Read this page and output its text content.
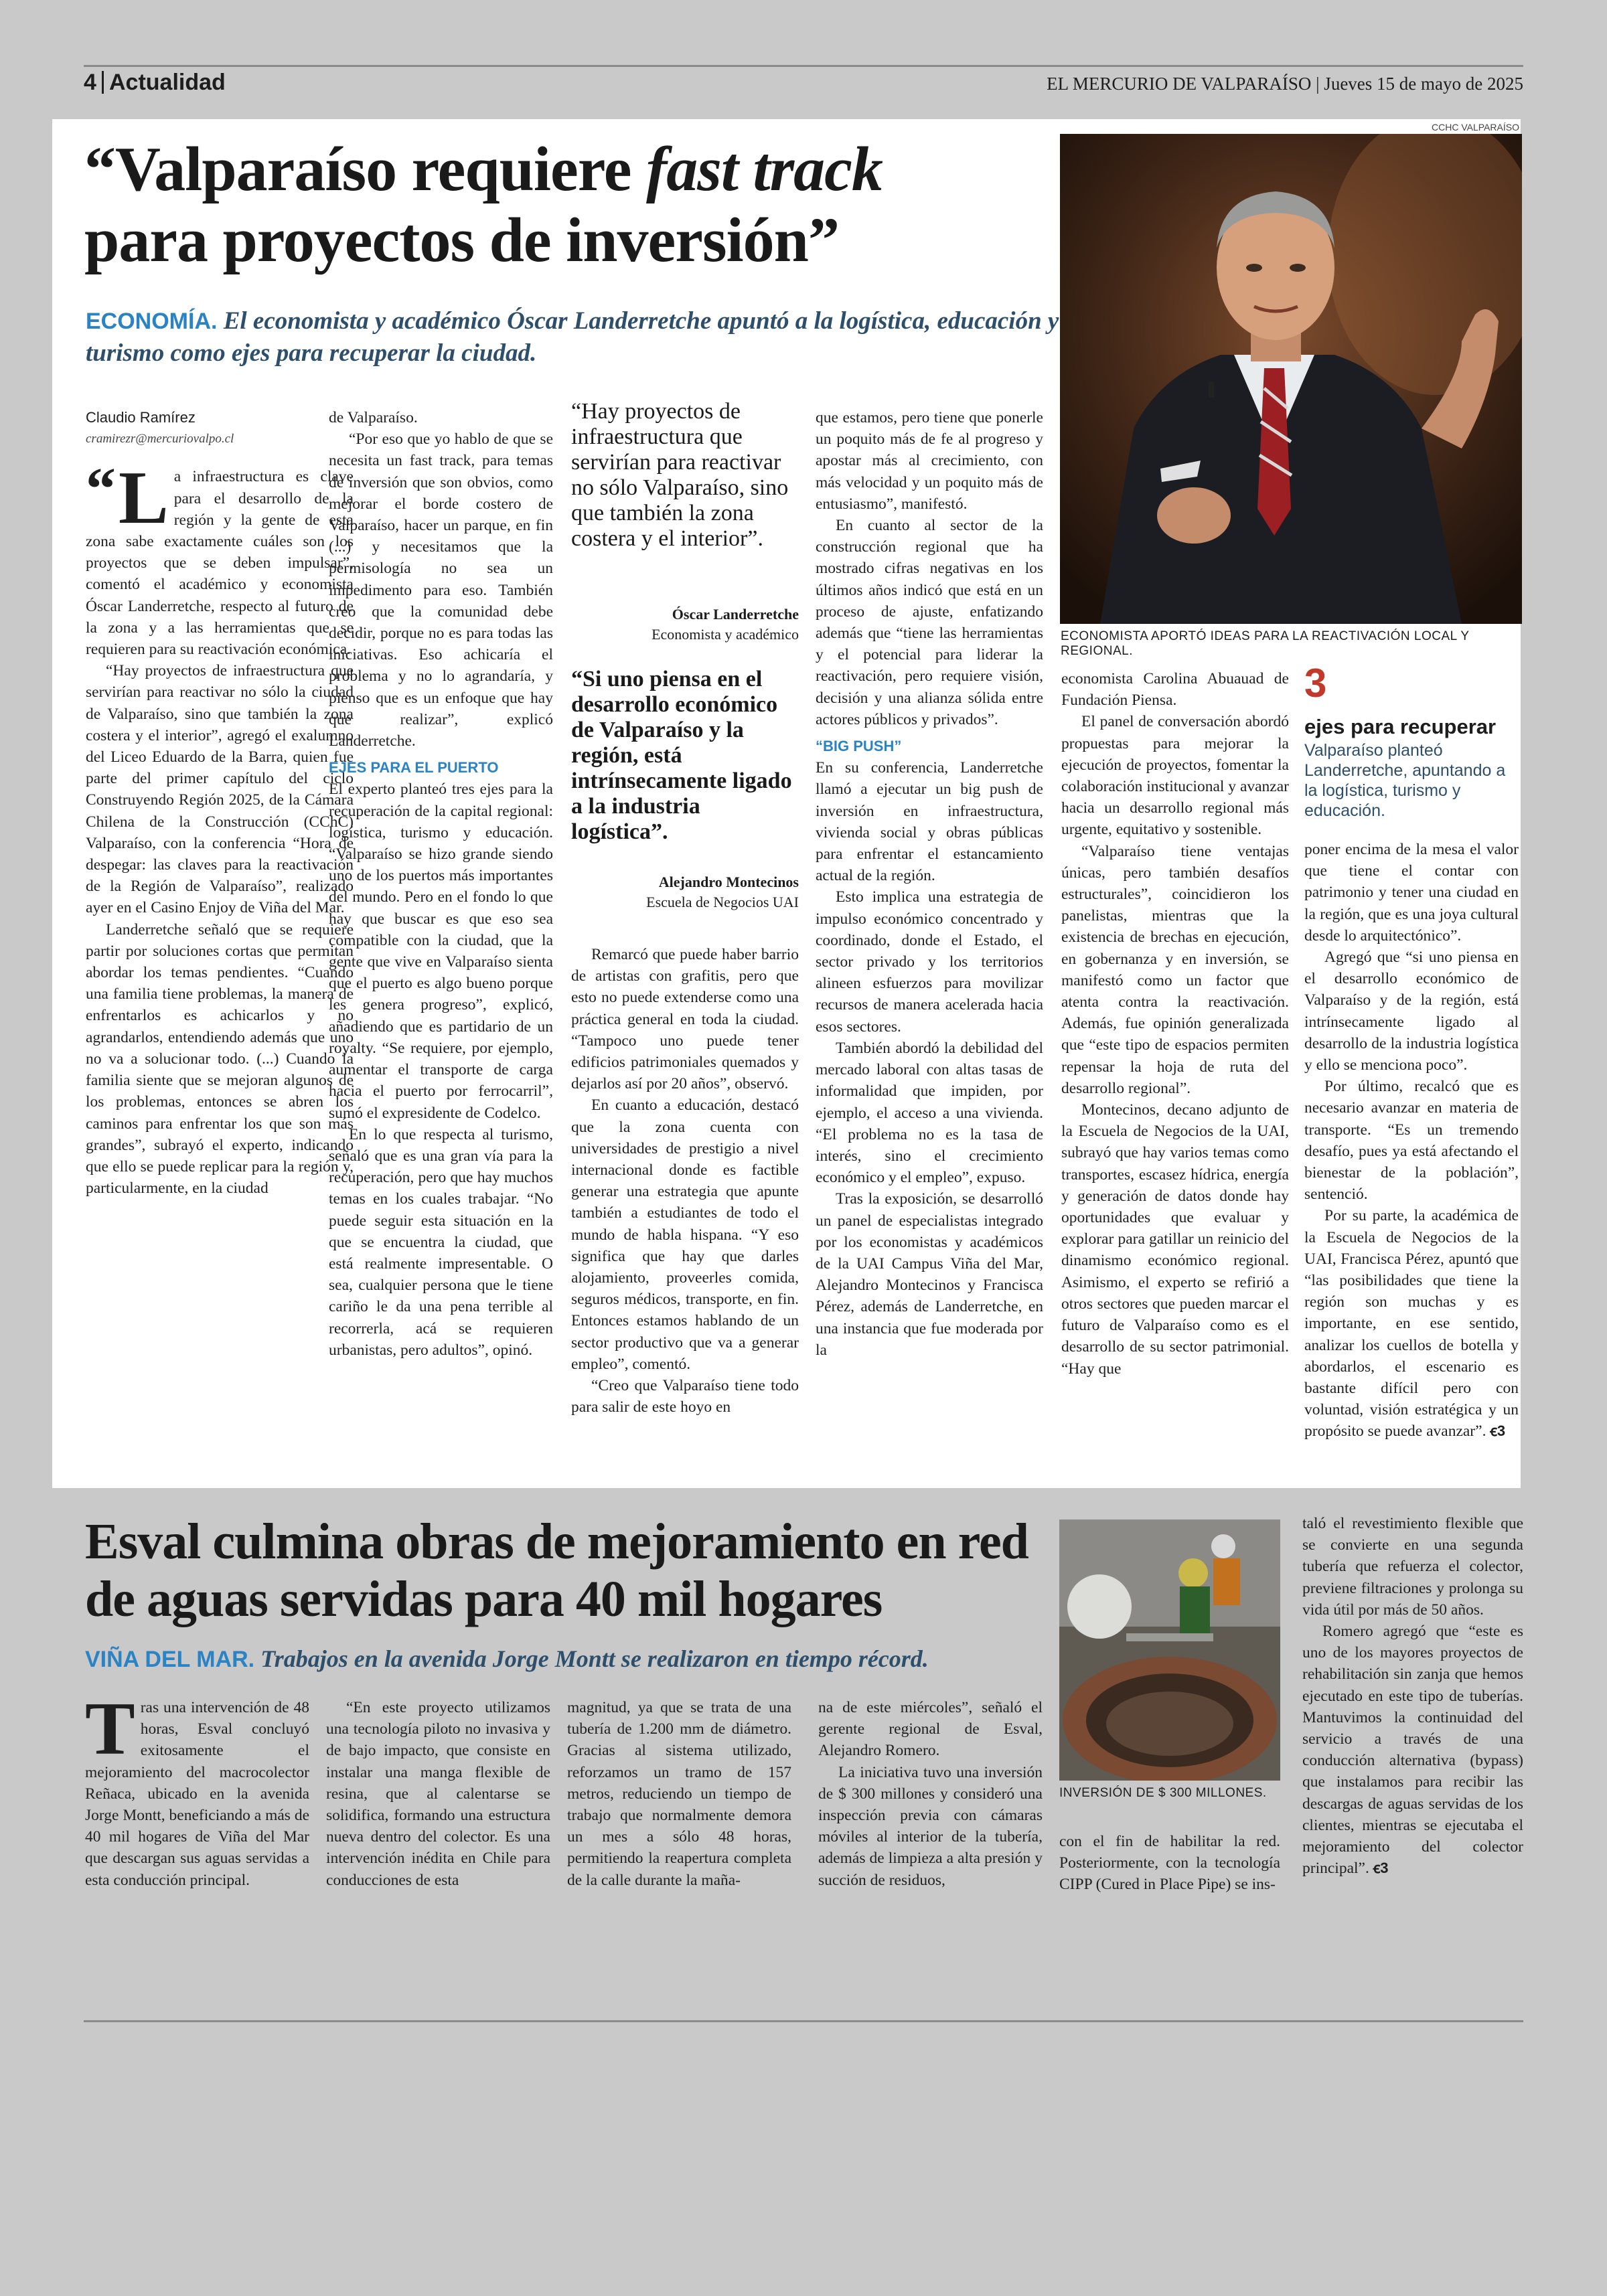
4 Actualidad	EL MERCURIO DE VALPARAÍSO | Jueves 15 de mayo de 2025
“Valparaíso requiere fast track
para proyectos de inversión”
ECONOMÍA. El economista y académico Óscar Landerretche apuntó a la logística, educación y turismo como ejes para recuperar la ciudad.
CCHC VALPARAÍSO
ECONOMISTA APORTÓ IDEAS PARA LA REACTIVACIÓN LOCAL Y REGIONAL.
Claudio Ramírez
cramirezr@mercuriovalpo.cl

“ L a infraestructura es clave para el desarrollo de la región y la gente de esta zona sabe exactamente cuáles son los proyectos que se deben impulsar”, comentó el académico y economista Óscar Landerretche, respecto al futuro de la zona y a las herramientas que se requieren para su reactivación económica.

“Hay proyectos de infraestructura que servirían para reactivar no sólo la ciudad de Valparaíso, sino que también la zona costera y el interior”, agregó el exalumno del Liceo Eduardo de la Barra, quien fue parte del primer capítulo del ciclo Construyendo Región 2025, de la Cámara Chilena de la Construcción (CChC) Valparaíso, con la conferencia “Hora de despegar: las claves para la reactivación de la Región de Valparaíso”, realizado ayer en el Casino Enjoy de Viña del Mar.

Landerretche señaló que se requiere partir por soluciones cortas que permitan abordar los temas pendientes. “Cuando una familia tiene problemas, la manera de enfrentarlos es achicarlos y no agrandarlos, entendiendo además que uno no va a solucionar todo. (...) Cuando la familia siente que se mejoran algunos de los problemas, entonces se abren los caminos para enfrentar los que son más grandes”, subrayó el experto, indicando que ello se puede replicar para la región y, particularmente, en la ciudad

de Valparaíso.

“Por eso que yo hablo de que se necesita un fast track, para temas de inversión que son obvios, como mejorar el borde costero de Valparaíso, hacer un parque, en fin (...) y necesitamos que la permisología no sea un impedimento para eso. También creo que la comunidad debe decidir, porque no es para todas las iniciativas. Eso achicaría el problema y no lo agrandaría, y pienso que es un enfoque que hay que realizar”, explicó Landerretche.

EJES PARA EL PUERTO

El experto planteó tres ejes para la recuperación de la capital regional: logística, turismo y educación. “Valparaíso se hizo grande siendo uno de los puertos más importantes del mundo. Pero en el fondo lo que hay que buscar es que eso sea compatible con la ciudad, que la gente que vive en Valparaíso sienta que el puerto es algo bueno porque les genera progreso”, explicó, añadiendo que es partidario de un royalty. “Se requiere, por ejemplo, aumentar el transporte de carga hacia el puerto por ferrocarril”, sumó el expresidente de Codelco.

En lo que respecta al turismo, señaló que es una gran vía para la recuperación, pero que hay muchos temas en los cuales trabajar. “No puede seguir esta situación en la que se encuentra la ciudad, que está realmente impresentable. O sea, cualquier persona que le tiene cariño le da una pena terrible al recorrerla, acá se requieren urbanistas, pero adultos”, opinó.

“Hay proyectos de infraestructura que servirían para reactivar no sólo Valparaíso, sino que también la zona costera y el interior”.
Óscar Landerretche
Economista y académico
“Si uno piensa en el desarrollo económico de Valparaíso y la región, está intrínsecamente ligado a la industria logística”.
Alejandro Montecinos
Escuela de Negocios UAI

Remarcó que puede haber barrio de artistas con grafitis, pero que esto no puede extenderse como una práctica general en toda la ciudad. “Tampoco uno puede tener edificios patrimoniales quemados y dejarlos así por 20 años”, observó.

En cuanto a educación, destacó que la zona cuenta con universidades de prestigio a nivel internacional donde es factible generar una estrategia que apunte también a estudiantes de todo el mundo de habla hispana. “Y eso significa que hay que darles alojamiento, proveerles comida, seguros médicos, transporte, en fin. Entonces estamos hablando de un sector productivo que va a generar empleo”, comentó.

“Creo que Valparaíso tiene todo para salir de este hoyo en

que estamos, pero tiene que ponerle un poquito más de fe al progreso y apostar más al crecimiento, con más velocidad y un poquito más de entusiasmo”, manifestó.

En cuanto al sector de la construcción regional que ha mostrado cifras negativas en los últimos años indicó que está en un proceso de ajuste, enfatizando además que “tiene las herramientas y el potencial para liderar la reactivación, pero requiere visión, decisión y una alianza sólida entre actores públicos y privados”.

“BIG PUSH”

En su conferencia, Landerretche llamó a ejecutar un big push de inversión en infraestructura, vivienda social y obras públicas para enfrentar el estancamiento actual de la región.

Esto implica una estrategia de impulso económico concentrado y coordinado, donde el Estado, el sector privado y los territorios alineen esfuerzos para movilizar recursos de manera acelerada hacia esos sectores.

También abordó la debilidad del mercado laboral con altas tasas de informalidad que impiden, por ejemplo, el acceso a una vivienda. “El problema no es la tasa de interés, sino el crecimiento económico y el empleo”, expuso.

Tras la exposición, se desarrolló un panel de especialistas integrado por los economistas y académicos de la UAI Campus Viña del Mar, Alejandro Montecinos y Francisca Pérez, además de Landerretche, en una instancia que fue moderada por la

economista Carolina Abuauad de Fundación Piensa.

El panel de conversación abordó propuestas para mejorar la ejecución de proyectos, fomentar la colaboración institucional y avanzar hacia un desarrollo regional más urgente, equitativo y sostenible.

“Valparaíso tiene ventajas únicas, pero también desafíos estructurales”, coincidieron los panelistas, mientras que la existencia de brechas en ejecución, en gobernanza y en inversión, se manifestó como un factor que atenta contra la reactivación. Además, fue opinión generalizada que “este tipo de espacios permiten repensar la hoja de ruta del desarrollo regional”.

Montecinos, decano adjunto de la Escuela de Negocios de la UAI, subrayó que hay varios temas como transportes, escasez hídrica, energía y generación de datos donde hay oportunidades que evaluar y explorar para gatillar un reinicio del dinamismo económico regional. Asimismo, el experto se refirió a otros sectores que pueden marcar el futuro de Valparaíso como es el desarrollo de su sector patrimonial. “Hay que

3
ejes para recuperar
Valparaíso planteó Landerretche, apuntando a la logística, turismo y educación.

poner encima de la mesa el valor que tiene el contar con patrimonio y tener una ciudad en la región, que es una joya cultural desde lo arquitectónico”.

Agregó que “si uno piensa en el desarrollo económico de Valparaíso y de la región, está intrínsecamente ligado al desarrollo de la industria logística y ello se menciona poco”.

Por último, recalcó que es necesario avanzar en materia de transporte. “Es un tremendo desafío, pues ya está afectando el bienestar de la población”, sentenció.

Por su parte, la académica de la Escuela de Negocios de la UAI, Francisca Pérez, apuntó que “las posibilidades que tiene la región son muchas y es importante, en ese sentido, analizar los cuellos de botella y abordarlos, el escenario es bastante difícil pero con voluntad, visión estratégica y un propósito se puede avanzar”. ꞓ3

Esval culmina obras de mejoramiento en red de aguas servidas para 40 mil hogares
VIÑA DEL MAR. Trabajos en la avenida Jorge Montt se realizaron en tiempo récord.
INVERSIÓN DE $ 300 MILLONES.

Tras una intervención de 48 horas, Esval concluyó exitosamente el mejoramiento del macrocolector Reñaca, ubicado en la avenida Jorge Montt, beneficiando a más de 40 mil hogares de Viña del Mar que descargan sus aguas servidas a esta conducción principal.

“En este proyecto utilizamos una tecnología piloto no invasiva y de bajo impacto, que consiste en instalar una manga flexible de resina, que al calentarse se solidifica, formando una estructura nueva dentro del colector. Es una intervención inédita en Chile para conducciones de esta

magnitud, ya que se trata de una tubería de 1.200 mm de diámetro. Gracias al sistema utilizado, reforzamos un tramo de 157 metros, reduciendo un tiempo de trabajo que normalmente demora un mes a sólo 48 horas, permitiendo la reapertura completa de la calle durante la maña-

na de este miércoles”, señaló el gerente regional de Esval, Alejandro Romero.

La iniciativa tuvo una inversión de $ 300 millones y consideró una inspección previa con cámaras móviles al interior de la tubería, además de limpieza a alta presión y succión de residuos,

con el fin de habilitar la red. Posteriormente, con la tecnología CIPP (Cured in Place Pipe) se ins-

taló el revestimiento flexible que se convierte en una segunda tubería que refuerza el colector, previene filtraciones y prolonga su vida útil por más de 50 años.

Romero agregó que “este es uno de los mayores proyectos de rehabilitación sin zanja que hemos ejecutado en este tipo de tuberías. Mantuvimos la continuidad del servicio a través de una conducción alternativa (bypass) que instalamos para recibir las descargas de aguas servidas de los clientes, mientras se ejecutaba el mejoramiento del colector principal”. ꞓ3
